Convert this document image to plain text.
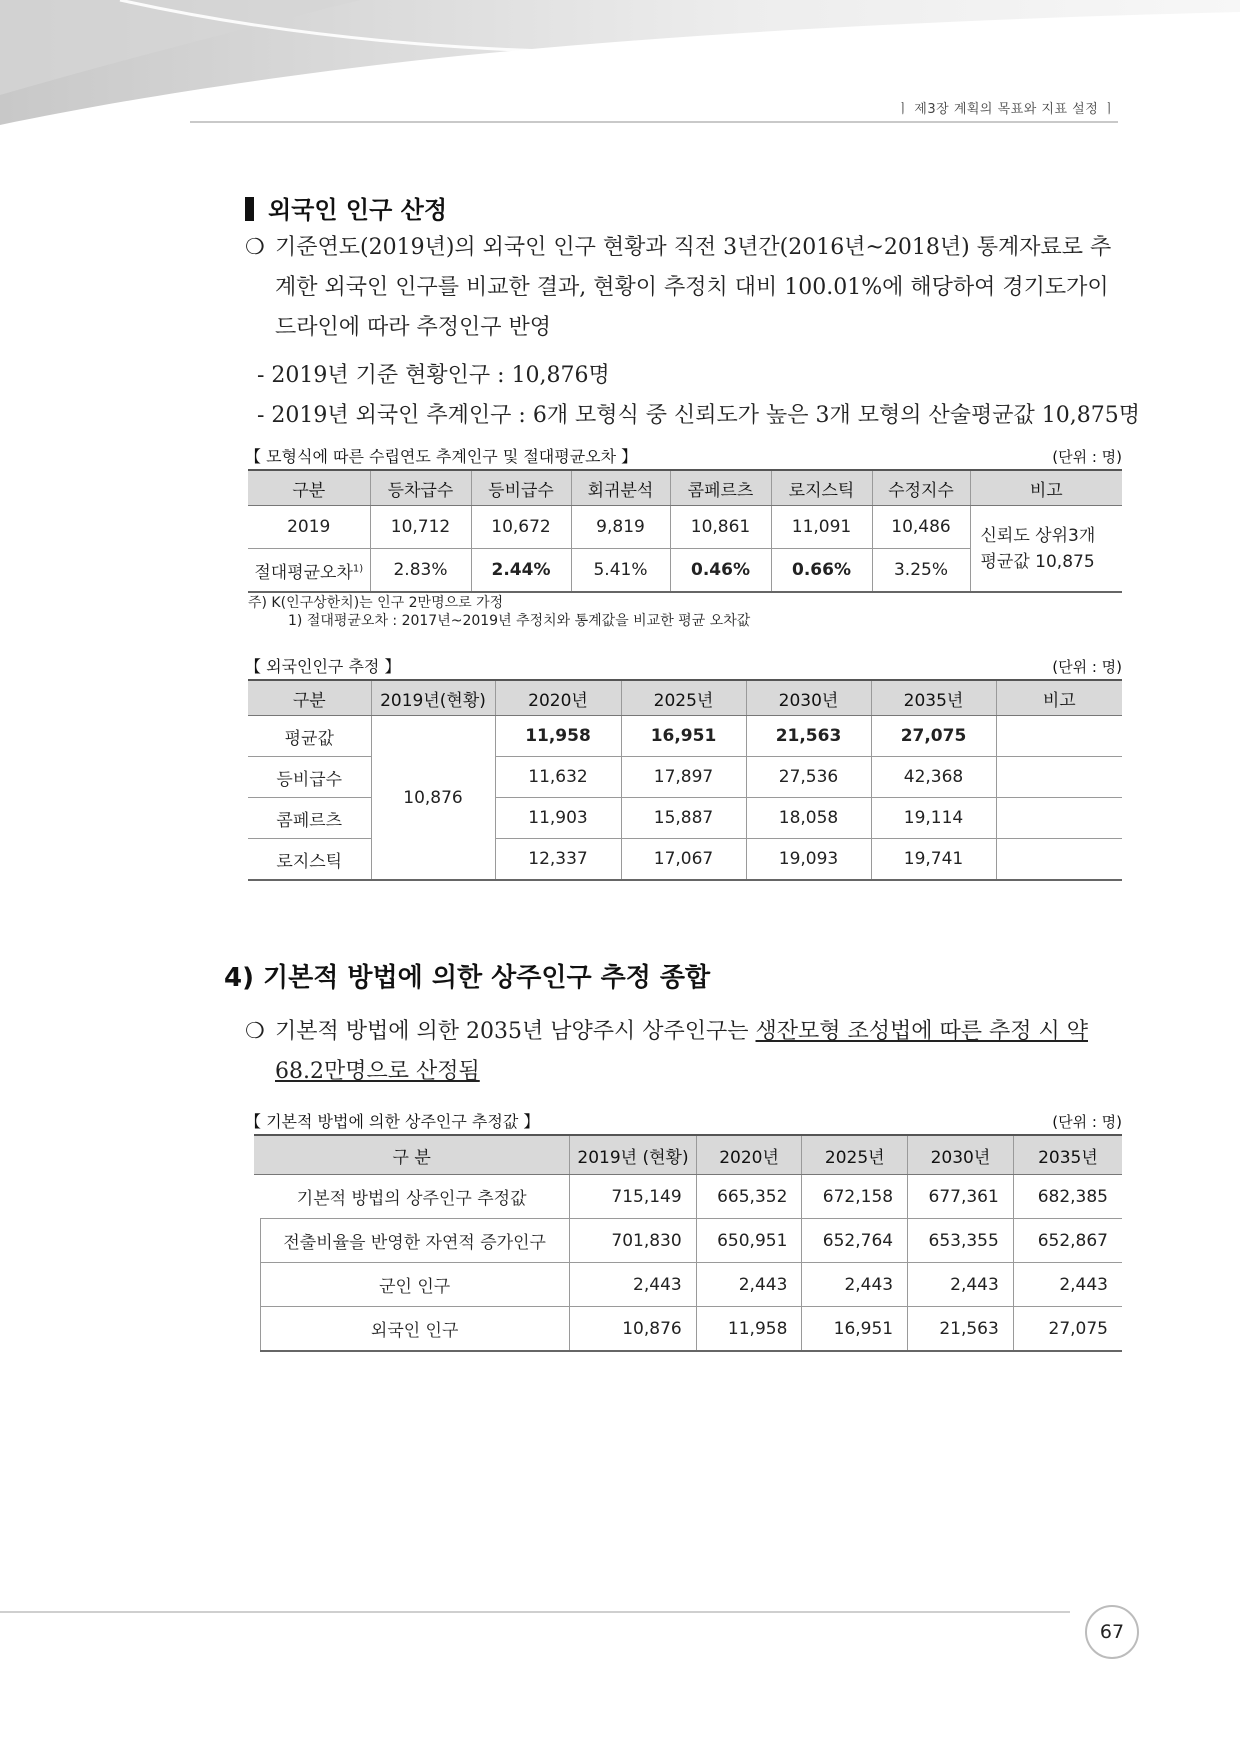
ㅣ 제3장 계획의 목표와 지표 설정 ㅣ
외국인 인구 산정
❍ 기준연도(2019년)의 외국인 인구 현황과 직전 3년간(2016년~2018년) 통계자료로 추계한 외국인 인구를 비교한 결과, 현황이 추정치 대비 100.01%에 해당하여 경기도가이드라인에 따라 추정인구 반영
- 2019년 기준 현황인구 : 10,876명
- 2019년 외국인 추계인구 : 6개 모형식 중 신뢰도가 높은 3개 모형의 산술평균값 10,875명
【 모형식에 따른 수립연도 추계인구 및 절대평균오차 】	(단위 : 명)
구분	등차급수	등비급수	회귀분석	콤페르츠	로지스틱	수정지수	비고
2019	10,712	10,672	9,819	10,861	11,091	10,486	신뢰도 상위3개
평균값 10,875
절대평균오차$^{1)}$	2.83%	2.44%	5.41%	0.46%	0.66%	3.25%	
주) K(인구상한치)는 인구 2만명으로 가정
1) 절대평균오차 : 2017년~2019년 추정치와 통계값을 비교한 평균 오차값
【 외국인인구 추정 】	(단위 : 명)
구분	2019년(현황)	2020년	2025년	2030년	2035년	비고
평균값	10,876	11,958	16,951	21,563	27,075	
등비급수		11,632	17,897	27,536	42,368	
콤페르츠		11,903	15,887	18,058	19,114	
로지스틱		12,337	17,067	19,093	19,741	
4) 기본적 방법에 의한 상주인구 추정 종합
❍ 기본적 방법에 의한 2035년 남양주시 상주인구는 생잔모형 조성법에 따른 추정 시 약 68.2만명으로 산정됨
【 기본적 방법에 의한 상주인구 추정값 】	(단위 : 명)
구 분	2019년 (현황)	2020년	2025년	2030년	2035년
기본적 방법의 상주인구 추정값	715,149	665,352	672,158	677,361	682,385
전출비율을 반영한 자연적 증가인구	701,830	650,951	652,764	653,355	652,867
군인 인구	2,443	2,443	2,443	2,443	2,443
외국인 인구	10,876	11,958	16,951	21,563	27,075
67
